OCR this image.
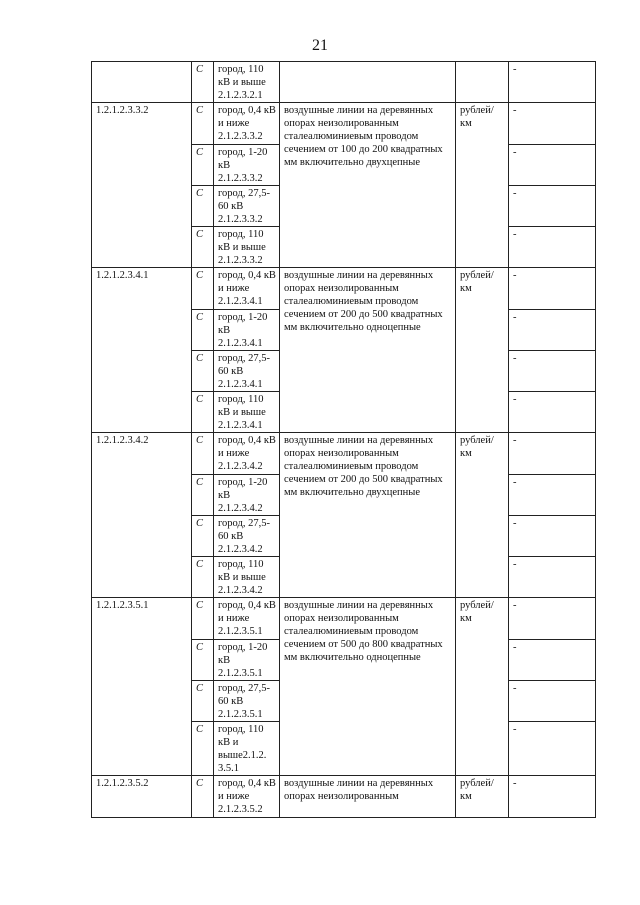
21
	C	город, 110 кВ и выше 2.1.2.3.2.1			-
1.2.1.2.3.3.2	C	город, 0,4 кВ и ниже 2.1.2.3.3.2	воздушные линии на деревянных опорах неизолированным сталеалюминиевым проводом сечением от 100 до 200 квадратных мм включительно двухцепные	рублей/ км	-
	C	город, 1-20 кВ 2.1.2.3.3.2			-
	C	город, 27,5-60 кВ 2.1.2.3.3.2			-
	C	город, 110 кВ и выше 2.1.2.3.3.2			-
1.2.1.2.3.4.1	C	город, 0,4 кВ и ниже 2.1.2.3.4.1	воздушные линии на деревянных опорах неизолированным сталеалюминиевым проводом сечением от 200 до 500 квадратных мм включительно одноцепные	рублей/ км	-
	C	город, 1-20 кВ 2.1.2.3.4.1			-
	C	город, 27,5-60 кВ 2.1.2.3.4.1			-
	C	город, 110 кВ и выше 2.1.2.3.4.1			-
1.2.1.2.3.4.2	C	город, 0,4 кВ и ниже 2.1.2.3.4.2	воздушные линии на деревянных опорах неизолированным сталеалюминиевым проводом сечением от 200 до 500 квадратных мм включительно двухцепные	рублей/ км	-
	C	город, 1-20 кВ 2.1.2.3.4.2			-
	C	город, 27,5-60 кВ 2.1.2.3.4.2			-
	C	город, 110 кВ и выше 2.1.2.3.4.2			-
1.2.1.2.3.5.1	C	город, 0,4 кВ и ниже 2.1.2.3.5.1	воздушные линии на деревянных опорах неизолированным сталеалюминиевым проводом сечением от 500 до 800 квадратных мм включительно одноцепные	рублей/ км	-
	C	город, 1-20 кВ 2.1.2.3.5.1			-
	C	город, 27,5-60 кВ 2.1.2.3.5.1			-
	C	город, 110 кВ и выше2.1.2. 3.5.1			-
1.2.1.2.3.5.2	C	город, 0,4 кВ и ниже 2.1.2.3.5.2	воздушные линии на деревянных опорах неизолированным	рублей/ км	-
